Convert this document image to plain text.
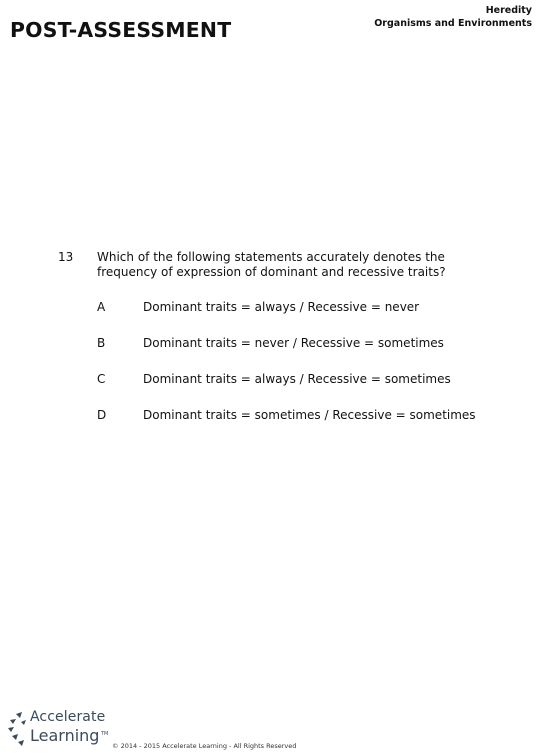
POST-ASSESSMENT
Heredity
Organisms and Environments
13 Which of the following statements accurately denotes the frequency of expression of dominant and recessive traits?
A	Dominant traits = always / Recessive = never
B	Dominant traits = never / Recessive = sometimes
C	Dominant traits = always / Recessive = sometimes
D	Dominant traits = sometimes / Recessive = sometimes
Accelerate
Learning TM
© 2014 - 2015 Accelerate Learning - All Rights Reserved
